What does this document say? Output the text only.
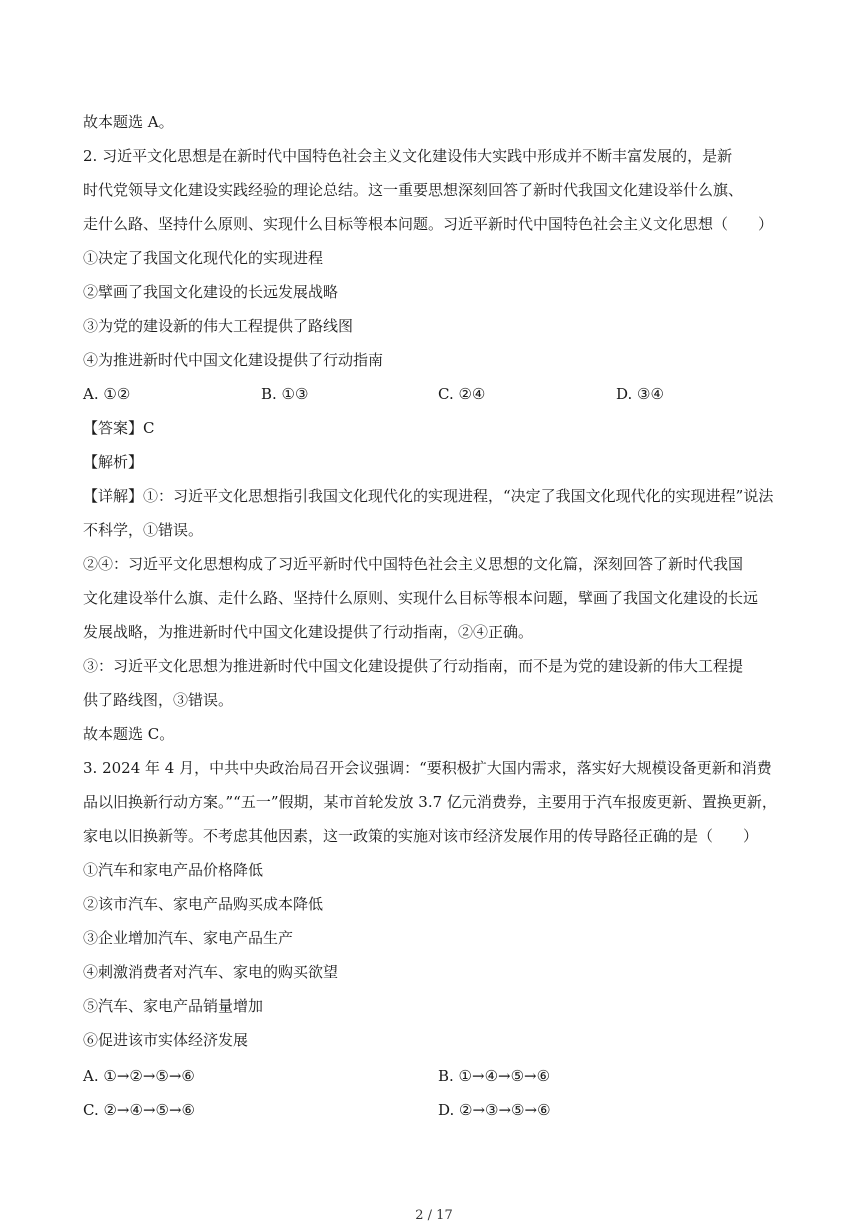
故本题选 A。
2. 习近平文化思想是在新时代中国特色社会主义文化建设伟大实践中形成并不断丰富发展的，是新
时代党领导文化建设实践经验的理论总结。这一重要思想深刻回答了新时代我国文化建设举什么旗、
走什么路、坚持什么原则、实现什么目标等根本问题。习近平新时代中国特色社会主义文化思想（　　）
①决定了我国文化现代化的实现进程
②擘画了我国文化建设的长远发展战略
③为党的建设新的伟大工程提供了路线图
④为推进新时代中国文化建设提供了行动指南
A. ①②	B. ①③	C. ②④	D. ③④
【答案】C
【解析】
【详解】①：习近平文化思想指引我国文化现代化的实现进程，“决定了我国文化现代化的实现进程”说法
不科学，①错误。
②④：习近平文化思想构成了习近平新时代中国特色社会主义思想的文化篇，深刻回答了新时代我国
文化建设举什么旗、走什么路、坚持什么原则、实现什么目标等根本问题，擘画了我国文化建设的长远
发展战略，为推进新时代中国文化建设提供了行动指南，②④正确。
③：习近平文化思想为推进新时代中国文化建设提供了行动指南，而不是为党的建设新的伟大工程提
供了路线图，③错误。
故本题选 C。
3. 2024 年 4 月，中共中央政治局召开会议强调：“要积极扩大国内需求，落实好大规模设备更新和消费
品以旧换新行动方案。”“五一”假期，某市首轮发放 3.7 亿元消费券，主要用于汽车报废更新、置换更新，
家电以旧换新等。不考虑其他因素，这一政策的实施对该市经济发展作用的传导路径正确的是（　　）
①汽车和家电产品价格降低
②该市汽车、家电产品购买成本降低
③企业增加汽车、家电产品生产
④刺激消费者对汽车、家电的购买欲望
⑤汽车、家电产品销量增加
⑥促进该市实体经济发展
A. ①→②→⑤→⑥	B. ①→④→⑤→⑥
C. ②→④→⑤→⑥	D. ②→③→⑤→⑥
2 / 17
